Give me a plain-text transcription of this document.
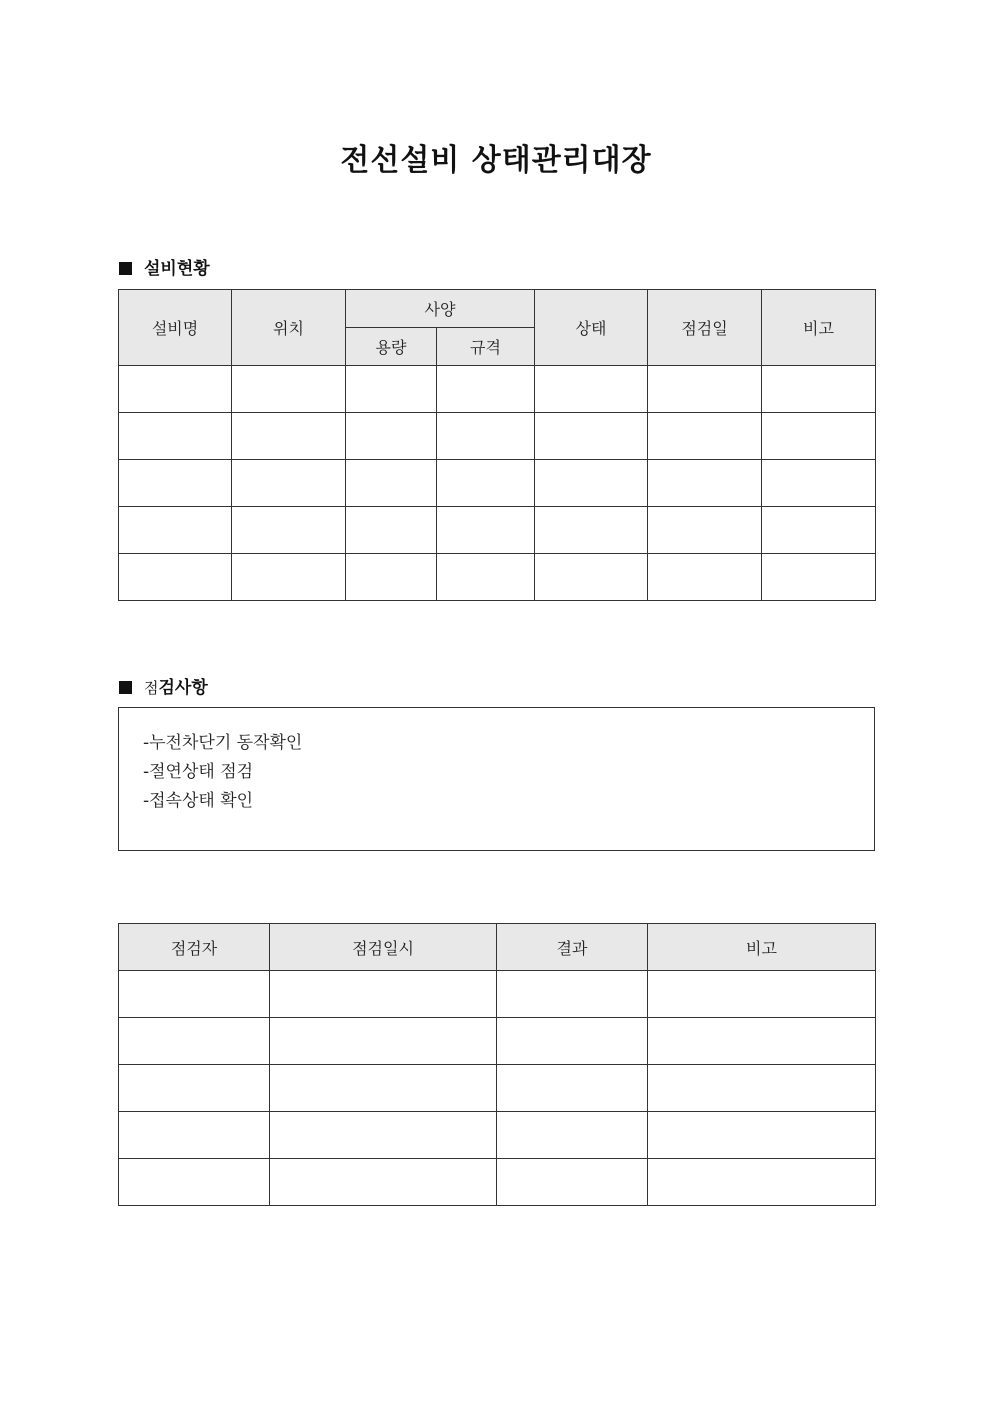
전선설비 상태관리대장
설비현황
설비명	위치	사양		상태	점검일	비고
		용량	규격			

점검사항
-누전차단기 동작확인
-절연상태 점검
-접속상태 확인
점검자	점검일시	결과	비고
